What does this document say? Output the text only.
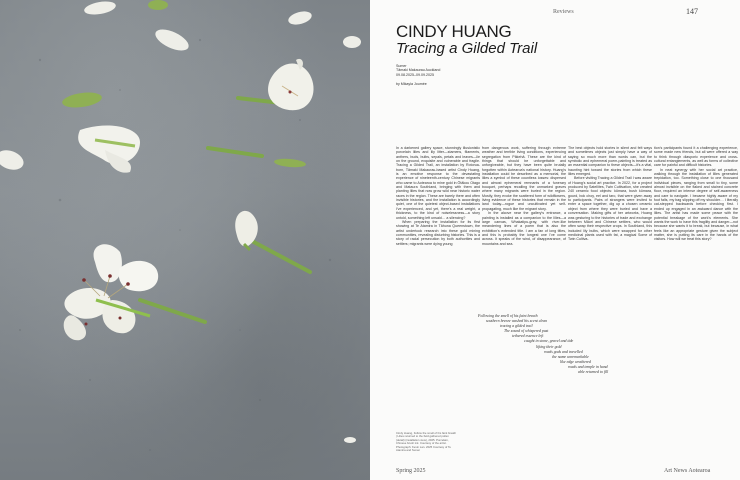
Reviews	147
CINDY HUANG
Tracing a Gilded Trail
Sumer
Tāmaki Makaurau Auckland
09.08.2025–09.09.2025
by Mikayla Joumée

In a darkened gallery space, stunningly illusionistic porcelain lilies and lily litter—stamens, filaments, anthers, buds, bulbs, sepals, petals and leaves—lie on the ground, exquisite and vulnerable and fragile. Tracing a Gilded Trail, an installation by Rotorua-born, Tāmaki Makaurau-based artist Cindy Huang, is an emotive response to the devastating experience of nineteenth-century Chinese migrants who came to Aotearoa to mine gold in Ōtākou Otago and Mataura Southland, bringing with them and planting lilies that now grow wild near historic water races in the region. These are barely there and often invisible histories, and the installation is accordingly quiet, one of the quietest object-based installations I've experienced, and yet, there's a real weight, a thickness, to the kind of noiselessness—a story untold, something left unsaid… a silencing?

When preparing the installation for its first showing at Te Atamira in Tāhuna Queenstown, the artist undertook research into these gold mining communities, revealing disturbing histories. This is a story of racial persecution by both authorities and settlers; migrants were dying young

from dangerous work, suffering through extreme weather and terrible living conditions, experiencing segregation from Pākehā. These are the kind of things that should be unforgettable and unforgiveable, but they have been quite brutally forgotten within Aotearoa's national history. Huang's installation could be described as a memorial, the lilies a symbol of these countless losses: dispersed and almost ephemeral remnants of a funerary bouquet, perhaps recalling the unmarked graves where many migrants were buried in the region. Mostly, they evoke the scattered form of wildflowers, living evidence of these histories that remain in the land today—rogue and uncultivated yet self-propagating, much like the migrant story.

In the alcove near the gallery's entrance, a painting is installed as a companion to the lilies—a large canvas, Whakatipu-gray, with river-like meandering lines of a poem that is also the exhibition's extended title. I am a fan of long titles, and this is probably the longest one I've come across. It speaks of the wind, of disappearance, of mountains and sea.

The best objects hold stories in silent and felt ways and sometimes objects just simply have a way of saying so much more than words can, but the symbolic and ephemeral poem-painting is treated as an essential companion to these objects—it's a vital, haunting hint toward the stories from which these lilies emerged.

Before visiting Tracing a Gilded Trail I was aware of Huang's social art practice. In 2022, for a project produced by Satellites, Twin Cultivation, she created 240 ceramic food objects: kūmara, bush kūmara, gourd, bok choy, eel and taro, that were given away to participants. Pairs of strangers were invited to enter a space together, dig up a chosen ceramic object from where they were buried and have a conversation. Making gifts of her artworks, Huang was gesturing to the histories of trade and exchange between Māori and Chinese settlers, who would often swap their respective crops. In Southland, this included lily bulbs, which were swapped for other medicinal plants used with fat, a magical Some of Twin Cultiva-

tion's participants found it a challenging experience, some made new friends, but all were offered a way to think through diasporic experience and cross-cultural entanglements, as well as forms of collective care for painful and difficult histories.

In neat synergy with her social art practice, walking through the installation of lilies generated trepidation, too. Something close to one thousand individual pieces, ranging from small to tiny, some almost invisible on the flaked and stained concrete floor, required an intense degree of self-awareness and care to navigate. I became highly aware of my foot falls, my bag slipping off my shoulder… I literally cat-stepped backwards before checking first. I ended up engaged in an awkward dance with the lilies. The artist has made some peace with the potential breakage of the work's elements. She wants the work to have this fragility and danger—not because she wants it to break, but because, in what feels like an appropriate gesture given the subject matter, she is putting its care in the hands of the visitors. How will we treat this story?

Following the smell of his faint breath
southern breeze washed his scent clean
tracing a gilded trail
The sound of whispered past
tethered essence left
caught in stone, gravel and tide
lifting their gold
roads gods and travelled
the name unremarkable
like edge weathered
roads and temple in hand
able returned to fill
Cindy Huang, Follow the smell of his faint breath | Lilies returned to the field gathered pollen (detail) (installation view), 2025. Porcelain, Chinese brush ink. Courtesy of the artist. Photograph: Kevin Lan. 2025 Courtesy of Te Atamira and Sumer
Spring 2025	Art News Aotearoa
